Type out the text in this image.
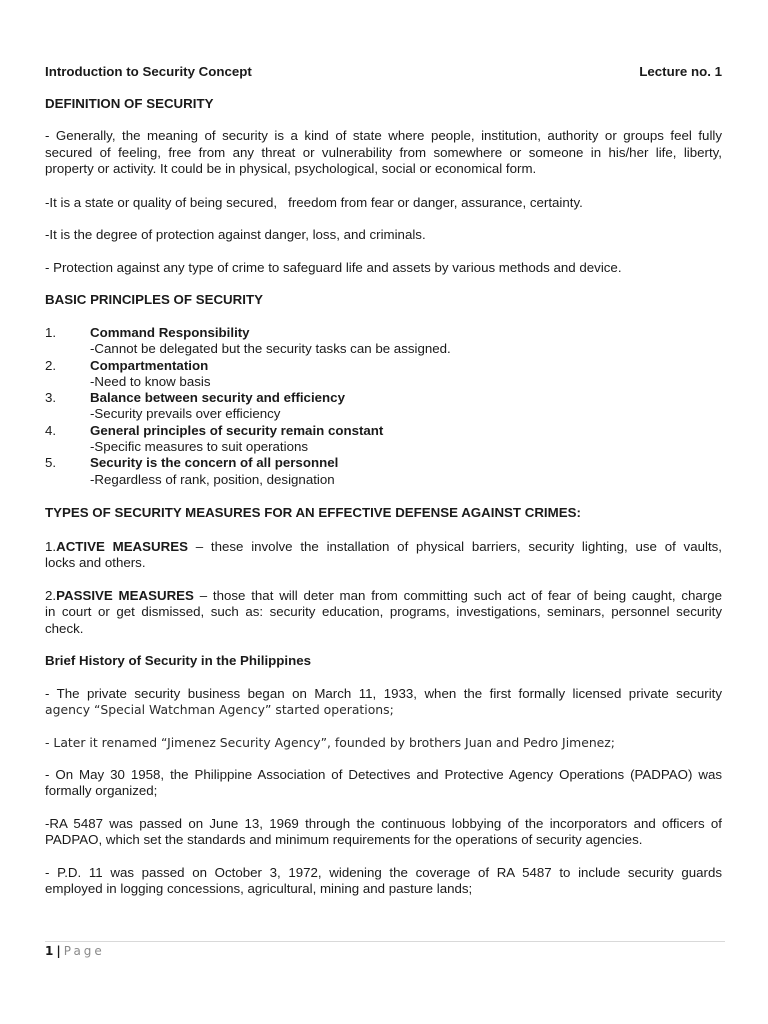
Introduction to Security Concept	Lecture no. 1
DEFINITION OF SECURITY
- Generally, the meaning of security is a kind of state where people, institution, authority or groups feel fully
secured of feeling, free from any threat or vulnerability from somewhere or someone in his/her life, liberty,
property or activity. It could be in physical, psychological, social or economical form.
-It is a state or quality of being secured,   freedom from fear or danger, assurance, certainty.
-It is the degree of protection against danger, loss, and criminals.
- Protection against any type of crime to safeguard life and assets by various methods and device.
BASIC PRINCIPLES OF SECURITY
1.	Command Responsibility
-Cannot be delegated but the security tasks can be assigned.
2.	Compartmentation
-Need to know basis
3.	Balance between security and efficiency
-Security prevails over efficiency
4.	General principles of security remain constant
-Specific measures to suit operations
5.	Security is the concern of all personnel
-Regardless of rank, position, designation
TYPES OF SECURITY MEASURES FOR AN EFFECTIVE DEFENSE AGAINST CRIMES:
1.ACTIVE MEASURES – these involve the installation of physical barriers, security lighting, use of vaults,
locks and others.
2.PASSIVE MEASURES – those that will deter man from committing such act of fear of being caught, charge
in court or get dismissed, such as: security education, programs, investigations, seminars, personnel security
check.
Brief History of Security in the Philippines
- The private security business began on March 11, 1933, when the first formally licensed private security
agency “Special Watchman Agency” started operations;
- Later it renamed “Jimenez Security Agency”, founded by brothers Juan and Pedro Jimenez;
- On May 30 1958, the Philippine Association of Detectives and Protective Agency Operations (PADPAO) was
formally organized;
-RA 5487 was passed on June 13, 1969 through the continuous lobbying of the incorporators and officers of
PADPAO, which set the standards and minimum requirements for the operations of security agencies.
- P.D. 11 was passed on October 3, 1972, widening the coverage of RA 5487 to include security guards
employed in logging concessions, agricultural, mining and pasture lands;
1 | Page
